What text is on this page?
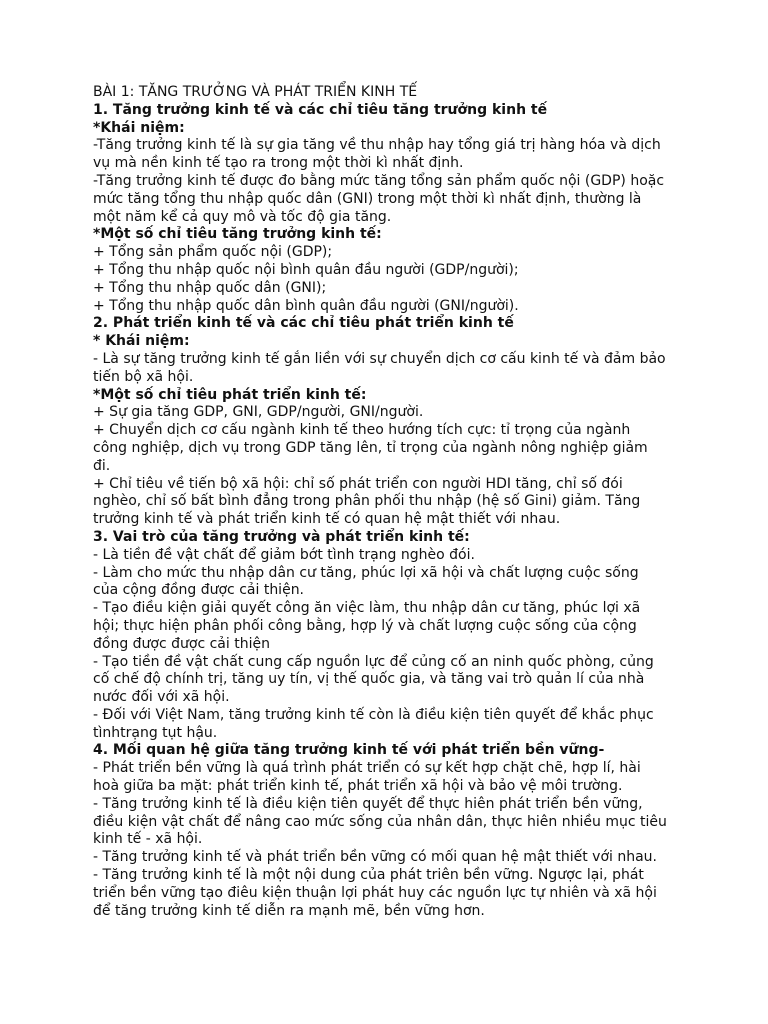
BÀI 1: TĂNG TRƯỞNG VÀ PHÁT TRIỂN KINH TẾ
1. Tăng trưởng kinh tế và các chỉ tiêu tăng trưởng kinh tế
*Khái niệm:
-Tăng trưởng kinh tế là sự gia tăng về thu nhập hay tổng giá trị hàng hóa và dịch
vụ mà nền kinh tế tạo ra trong một thời kì nhất định.
-Tăng trưởng kinh tế được đo bằng mức tăng tổng sản phẩm quốc nội (GDP) hoặc
mức tăng tổng thu nhập quốc dân (GNI) trong một thời kì nhất định, thường là
một năm kể cả quy mô và tốc độ gia tăng.
*Một số chỉ tiêu tăng trưởng kinh tế:
+ Tổng sản phẩm quốc nội (GDP);
+ Tổng thu nhập quốc nội bình quân đầu người (GDP/người);
+ Tổng thu nhập quốc dân (GNI);
+ Tổng thu nhập quốc dân bình quân đầu người (GNI/người).
2. Phát triển kinh tế và các chỉ tiêu phát triển kinh tế
* Khái niệm:
- Là sự tăng trưởng kinh tế gắn liền với sự chuyển dịch cơ cấu kinh tế và đảm bảo
tiến bộ xã hội.
*Một số chỉ tiêu phát triển kinh tế:
+ Sự gia tăng GDP, GNI, GDP/người, GNI/người.
+ Chuyển dịch cơ cấu ngành kinh tế theo hướng tích cực: tỉ trọng của ngành
công nghiệp, dịch vụ trong GDP tăng lên, tỉ trọng của ngành nông nghiệp giảm
đi.
+ Chỉ tiêu về tiến bộ xã hội: chỉ số phát triển con người HDI tăng, chỉ số đói
nghèo, chỉ số bất bình đẳng trong phân phối thu nhập (hệ số Gini) giảm. Tăng
trưởng kinh tế và phát triển kinh tế có quan hệ mật thiết với nhau.
3. Vai trò của tăng trưởng và phát triển kinh tế:
- Là tiền đề vật chất để giảm bớt tình trạng nghèo đói.
- Làm cho mức thu nhập dân cư tăng, phúc lợi xã hội và chất lượng cuộc sống
của cộng đồng được cải thiện.
- Tạo điều kiện giải quyết công ăn việc làm, thu nhập dân cư tăng, phúc lợi xã
hội; thực hiện phân phối công bằng, hợp lý và chất lượng cuộc sống của cộng
đồng được được cải thiện
- Tạo tiền đề vật chất cung cấp nguồn lực để củng cố an ninh quốc phòng, củng
cố chế độ chính trị, tăng uy tín, vị thế quốc gia, và tăng vai trò quản lí của nhà
nước đối với xã hội.
- Đối với Việt Nam, tăng trưởng kinh tế còn là điều kiện tiên quyết để khắc phục
tìnhtrạng tụt hậu.
4. Mối quan hệ giữa tăng trưởng kinh tế với phát triển bền vững-
- Phát triển bền vững là quá trình phát triển có sự kết hợp chặt chẽ, hợp lí, hài
hoà giữa ba mặt: phát triển kinh tế, phát triển xã hội và bảo vệ môi trường.
- Tăng trưởng kinh tế là điều kiện tiên quyết để thực hiên phát triển bền vững,
điều kiện vật chất để nâng cao mức sống của nhân dân, thực hiên nhiều mục tiêu
kinh tế - xã hội.
- Tăng trưởng kinh tế và phát triển bền vững có mối quan hệ mật thiết với nhau.
- Tăng trưởng kinh tế là một nội dung của phát triên bền vững. Ngược lại, phát
triển bền vững tạo điêu kiện thuận lợi phát huy các nguồn lực tự nhiên và xã hội
để tăng trưởng kinh tế diễn ra mạnh mẽ, bền vững hơn.
